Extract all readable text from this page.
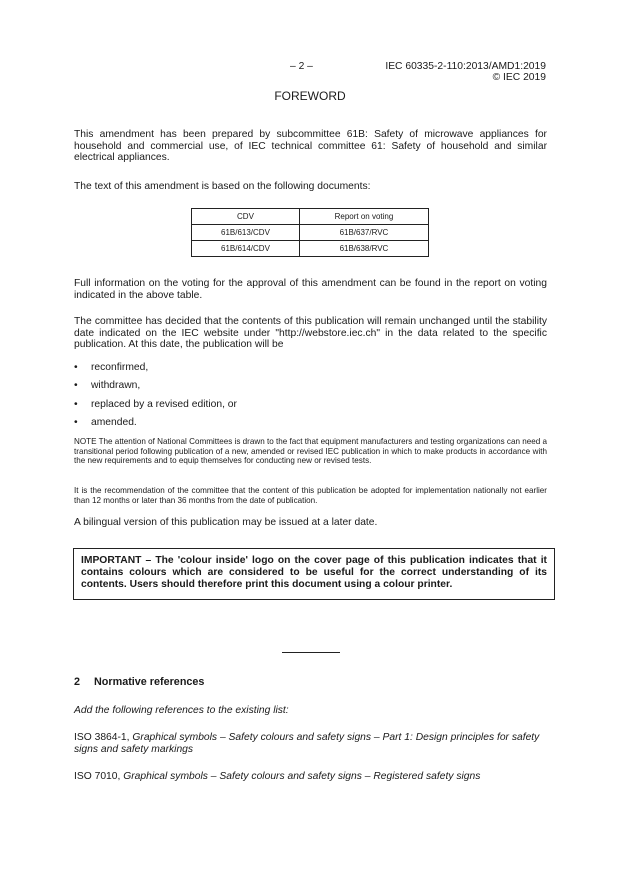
– 2 –	IEC 60335-2-110:2013/AMD1:2019
© IEC 2019
FOREWORD
This amendment has been prepared by subcommittee 61B: Safety of microwave appliances for household and commercial use, of IEC technical committee 61: Safety of household and similar electrical appliances.
The text of this amendment is based on the following documents:
CDV	Report on voting
61B/613/CDV	61B/637/RVC
61B/614/CDV	61B/638/RVC
Full information on the voting for the approval of this amendment can be found in the report on voting indicated in the above table.
The committee has decided that the contents of this publication will remain unchanged until the stability date indicated on the IEC website under "http://webstore.iec.ch" in the data related to the specific publication. At this date, the publication will be
• reconfirmed,
• withdrawn,
• replaced by a revised edition, or
• amended.
NOTE The attention of National Committees is drawn to the fact that equipment manufacturers and testing organizations can need a transitional period following publication of a new, amended or revised IEC publication in which to make products in accordance with the new requirements and to equip themselves for conducting new or revised tests.
It is the recommendation of the committee that the content of this publication be adopted for implementation nationally not earlier than 12 months or later than 36 months from the date of publication.
A bilingual version of this publication may be issued at a later date.
IMPORTANT – The 'colour inside' logo on the cover page of this publication indicates that it contains colours which are considered to be useful for the correct understanding of its contents. Users should therefore print this document using a colour printer.
2 Normative references
Add the following references to the existing list:
ISO 3864-1, Graphical symbols – Safety colours and safety signs – Part 1: Design principles for safety signs and safety markings
ISO 7010, Graphical symbols – Safety colours and safety signs – Registered safety signs
